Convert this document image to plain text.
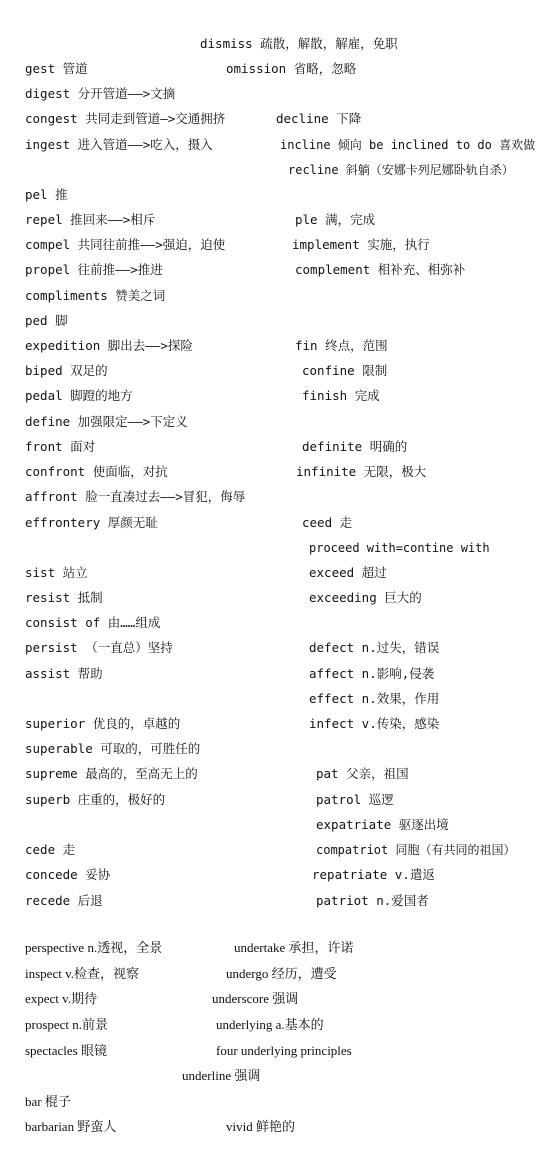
dismiss 疏散，解散，解雇，免职
gest 管道	omission 省略，忽略
digest 分开管道——>文摘
congest 共同走到管道—>交通拥挤	decline 下降
ingest 进入管道——>吃入，摄入	incline 倾向 be inclined to do 喜欢做
recline 斜躺（安娜卡列尼娜卧轨自杀）
pel 推
repel 推回来——>相斥	ple 满，完成
compel 共同往前推——>强迫，迫使	implement 实施，执行
propel 往前推——>推进	complement 相补充、相弥补
compliments 赞美之词
ped 脚
expedition 脚出去——>探险	fin 终点，范围
biped 双足的	confine 限制
pedal 脚蹬的地方	finish 完成
define 加强限定——>下定义
front 面对	definite 明确的
confront 使面临，对抗	infinite 无限，极大
affront 脸一直凑过去——>冒犯，侮辱
effrontery 厚颜无耻	ceed 走
proceed with=contine with
sist 站立	exceed 超过
resist 抵制	exceeding 巨大的
consist of 由……组成
persist （一直总）坚持	defect n.过失，错误
assist 帮助	affect n.影响,侵袭
effect n.效果，作用
superior 优良的，卓越的	infect v.传染，感染
superable 可取的，可胜任的
supreme 最高的，至高无上的	pat 父亲，祖国
superb 庄重的，极好的	patrol 巡逻
expatriate 驱逐出境
cede 走	compatriot 同胞（有共同的祖国）
concede 妥协	repatriate v.遣返
recede 后退	patriot n.爱国者
perspective n.透视，全景	undertake 承担，许诺
inspect v.检查，视察	undergo 经历，遭受
expect v.期待	underscore 强调
prospect n.前景	underlying a.基本的
spectacles 眼镜	four underlying principles
underline 强调
bar 棍子
barbarian 野蛮人	vivid 鲜艳的
